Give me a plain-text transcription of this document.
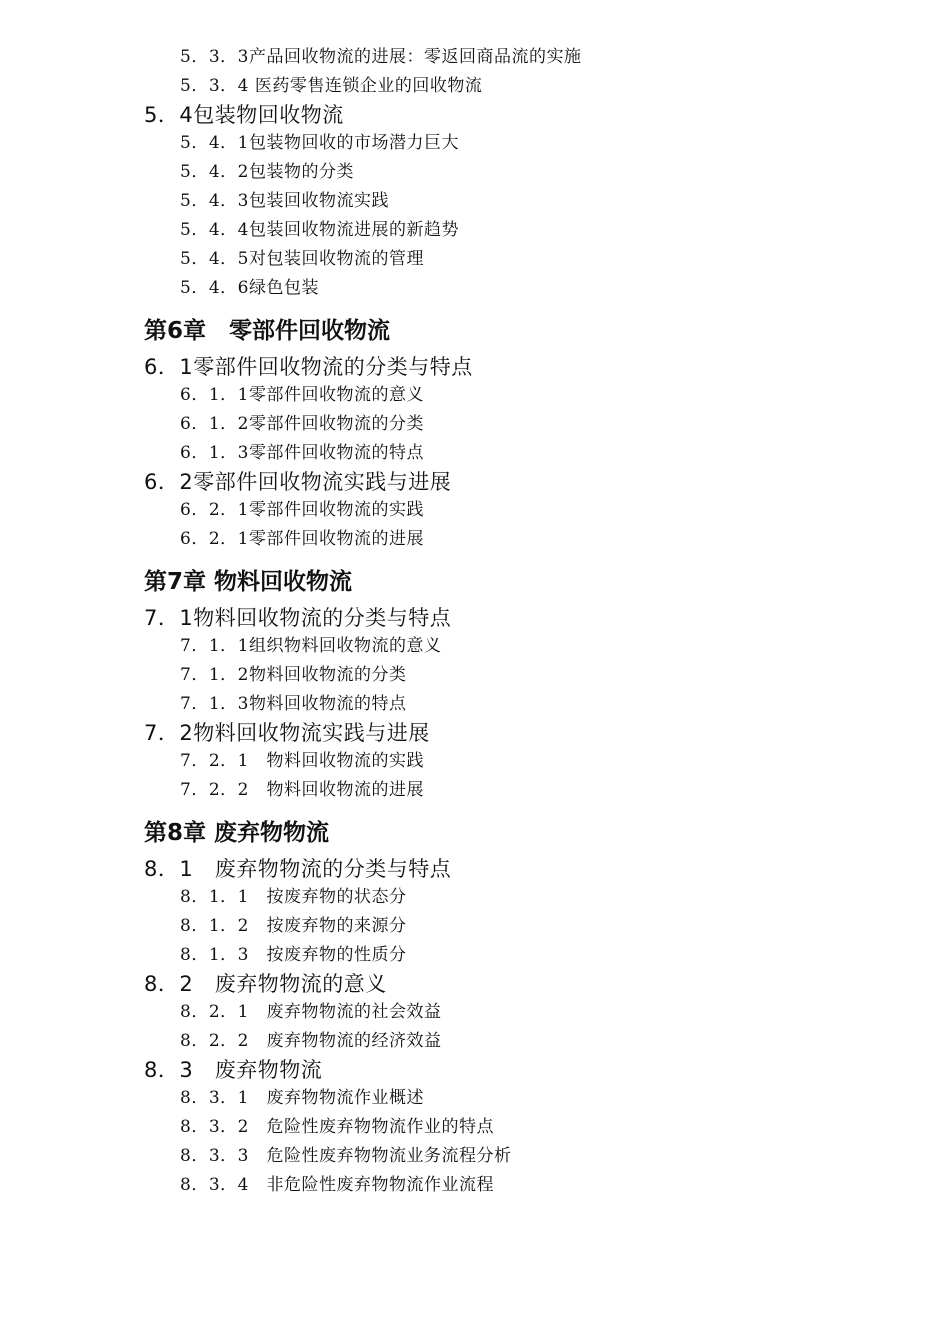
5．3．3产品回收物流的进展：零返回商品流的实施
5．3．4 医药零售连锁企业的回收物流
5．4包装物回收物流
5．4．1包装物回收的市场潜力巨大
5．4．2包装物的分类
5．4．3包装回收物流实践
5．4．4包装回收物流进展的新趋势
5．4．5对包装回收物流的管理
5．4．6绿色包装
第6章　零部件回收物流
6．1零部件回收物流的分类与特点
6．1．1零部件回收物流的意义
6．1．2零部件回收物流的分类
6．1．3零部件回收物流的特点
6．2零部件回收物流实践与进展
6．2．1零部件回收物流的实践
6．2．1零部件回收物流的进展
第7章 物料回收物流
7．1物料回收物流的分类与特点
7．1．1组织物料回收物流的意义
7．1．2物料回收物流的分类
7．1．3物料回收物流的特点
7．2物料回收物流实践与进展
7．2．1　物料回收物流的实践
7．2．2　物料回收物流的进展
第8章 废弃物物流
8．1　废弃物物流的分类与特点
8．1．1　按废弃物的状态分
8．1．2　按废弃物的来源分
8．1．3　按废弃物的性质分
8．2　废弃物物流的意义
8．2．1　废弃物物流的社会效益
8．2．2　废弃物物流的经济效益
8．3　废弃物物流
8．3．1　废弃物物流作业概述
8．3．2　危险性废弃物物流作业的特点
8．3．3　危险性废弃物物流业务流程分析
8．3．4　非危险性废弃物物流作业流程
